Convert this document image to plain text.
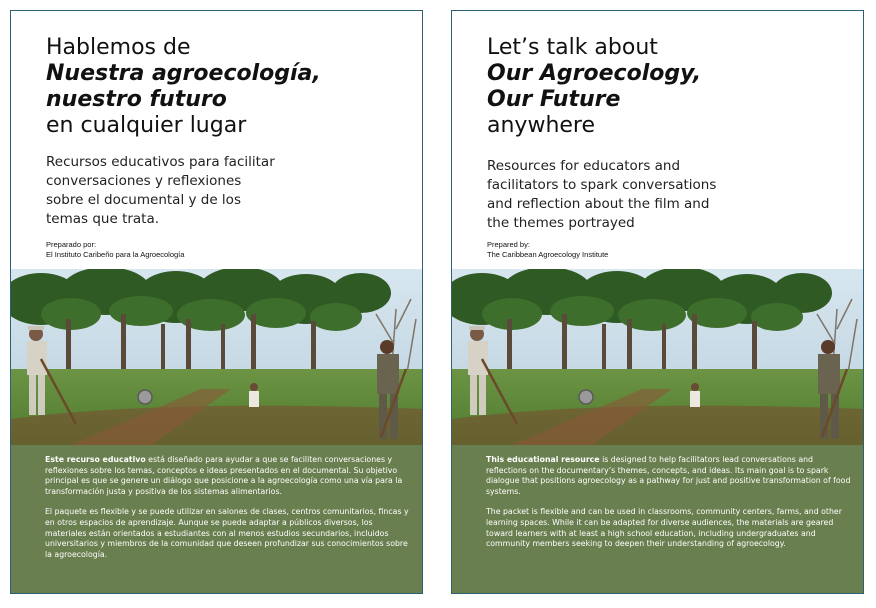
Hablemos de
Nuestra agroecología,
nuestro futuro
en cualquier lugar
Recursos educativos para facilitar
conversaciones y reflexiones
sobre el documental y de los
temas que trata.
Preparado por:
El Instituto Caribeño para la Agroecología

Este recurso educativo está diseñado para ayudar a que se faciliten conversaciones y reflexiones sobre los temas, conceptos e ideas presentados en el documental. Su objetivo principal es que se genere un diálogo que posicione a la agroecología como una vía para la transformación justa y positiva de los sistemas alimentarios.

El paquete es flexible y se puede utilizar en salones de clases, centros comunitarios, fincas y en otros espacios de aprendizaje. Aunque se puede adaptar a públicos diversos, los materiales están orientados a estudiantes con al menos estudios secundarios, incluidos universitarios y miembros de la comunidad que deseen profundizar sus conocimientos sobre la agroecología.

Let’s talk about
Our Agroecology,
Our Future
anywhere
Resources for educators and
facilitators to spark conversations
and reflection about the film and
the themes portrayed
Prepared by:
The Caribbean Agroecology Institute

This educational resource is designed to help facilitators lead conversations and reflections on the documentary’s themes, concepts, and ideas. Its main goal is to spark dialogue that positions agroecology as a pathway for just and positive transformation of food systems.

The packet is flexible and can be used in classrooms, community centers, farms, and other learning spaces. While it can be adapted for diverse audiences, the materials are geared toward learners with at least a high school education, including undergraduates and community members seeking to deepen their understanding of agroecology.
